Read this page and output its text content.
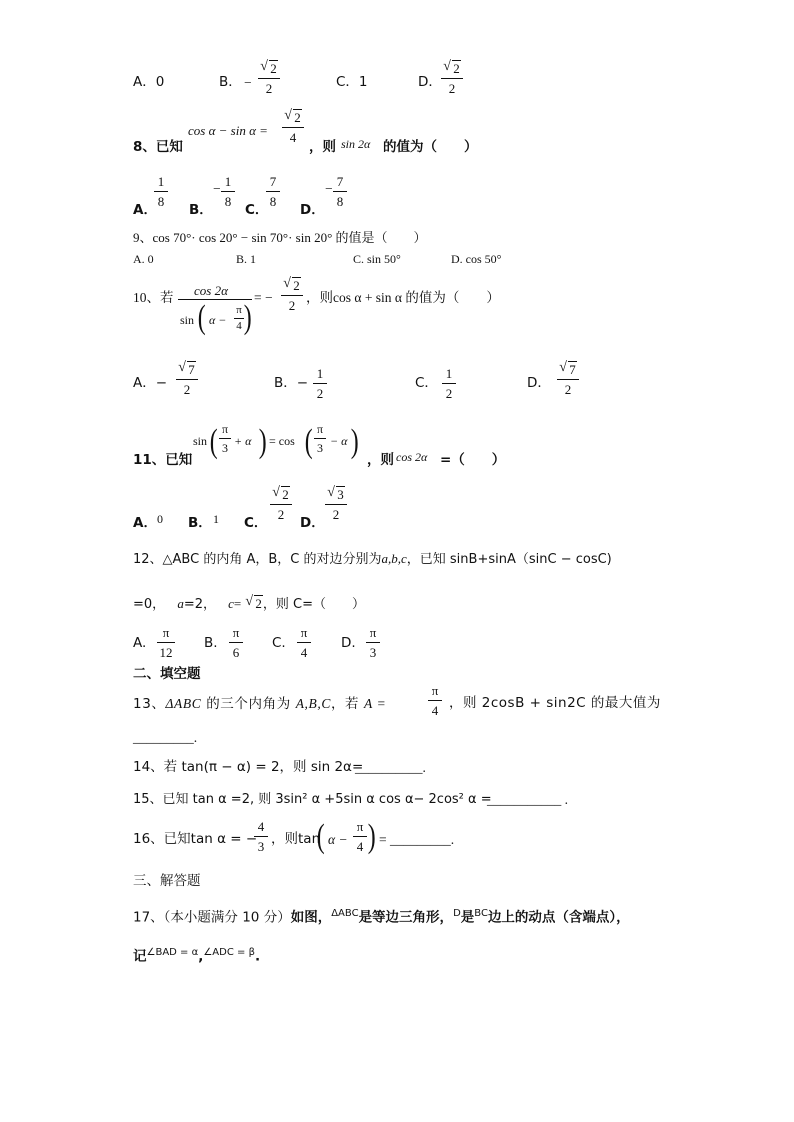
A．0	B． −
√ 2
2	C．1	D．
√ 2
2
8、已知
cos α − sin α =
√ 2
4
，则 sin 2α 的值为（　　）
A．
1
8
B．
− 1
8
C．
7
8
D．
− 7
8
9、cos 70°· cos 20° − sin 70°· sin 20° 的值是（　　）
A. 0	B. 1	C. sin 50°	D. cos 50°
10、若 cos 2α
sin ( α −
π
4 )
= −
√ 2
2
，则cos α + sin α 的值为（　　）
A．−
√ 7
2	B．−
1
2
C．
1
2
D．
√ 7
2
11、已知
sin ( π
3 + α ) = cos ( π
3 − α ) ，则 cos 2α =（　　）
A． 0 B． 1 C．
√ 2
2
D．
√ 3
2
12、△ABC 的内角 A，B，C 的对边分别为a,b,c，已知 sinB+sinA（sinC − cosC)
=0， a=2， c= √ 2，则 C=（　　）
A.
π
12
B.
π
6
C.
π
4
D.
π
3
二、填空题
13、ΔABC 的三个内角为 A,B,C，若 A =
π
4 ，则 2cosB + sin2C 的最大值为
_________.
14、若 tan(π − α) = 2，则 sin 2α=
__________.
15、已知 tan α =2, 则 3sin² α +5sin α cos α− 2cos² α =
___________ .
16、已知tan α = −
4
3 ，则tan
( α −
π
4 ) = _________.
三、解答题
17、（本小题满分 10 分）如图，$^{\Delta ABC}$是等边三角形，$^D$是$^{BC}$边上的动点（含端点），
记$^{\angle BAD = \alpha}$,$^{\angle ADC = \beta}$.
